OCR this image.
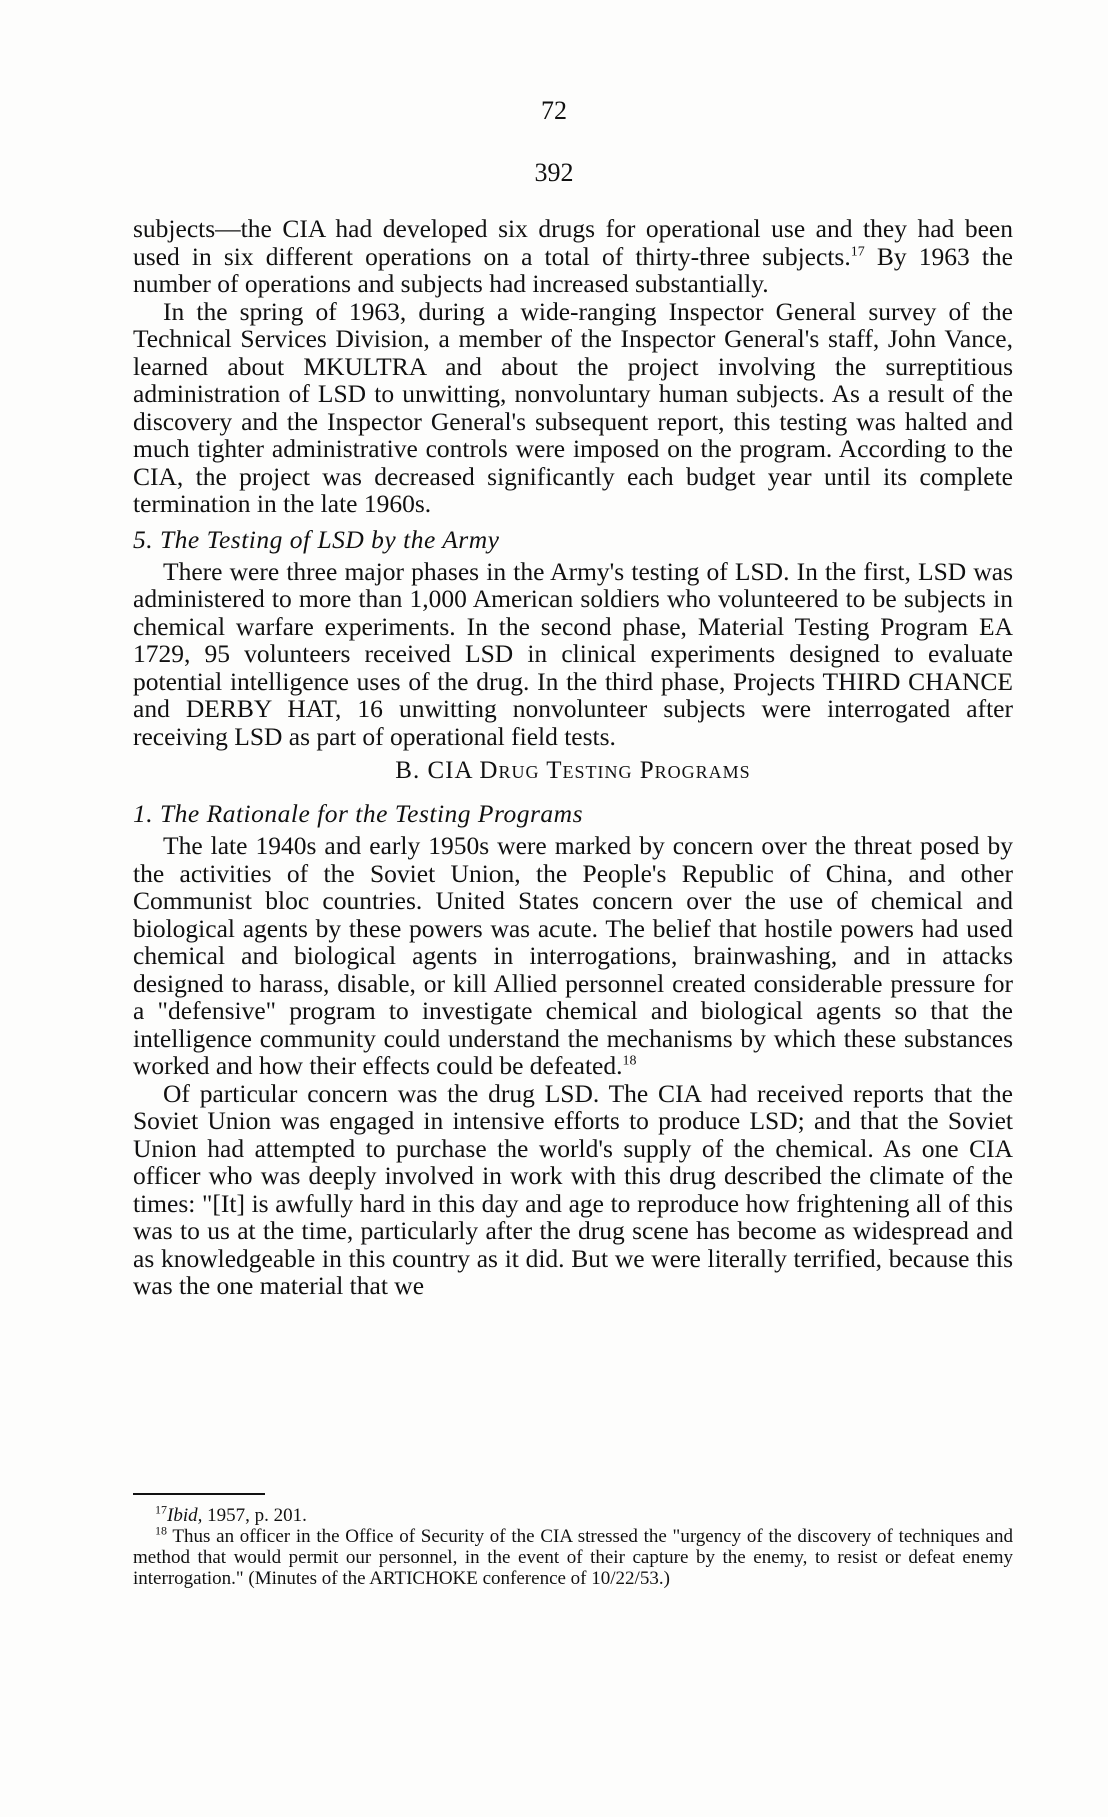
72
392

subjects—the CIA had developed six drugs for operational use and they had been used in six different operations on a total of thirty-three subjects.$^{17}$ By 1963 the number of operations and subjects had increased substantially.

In the spring of 1963, during a wide-ranging Inspector General survey of the Technical Services Division, a member of the Inspector General's staff, John Vance, learned about MKULTRA and about the project involving the surreptitious administration of LSD to unwitting, nonvoluntary human subjects. As a result of the discovery and the Inspector General's subsequent report, this testing was halted and much tighter administrative controls were imposed on the program. According to the CIA, the project was decreased significantly each budget year until its complete termination in the late 1960s.

5. The Testing of LSD by the Army

There were three major phases in the Army's testing of LSD. In the first, LSD was administered to more than 1,000 American soldiers who volunteered to be subjects in chemical warfare experiments. In the second phase, Material Testing Program EA 1729, 95 volunteers received LSD in clinical experiments designed to evaluate potential intelligence uses of the drug. In the third phase, Projects THIRD CHANCE and DERBY HAT, 16 unwitting nonvolunteer subjects were interrogated after receiving LSD as part of operational field tests.

B. CIA Drug Testing Programs
1. The Rationale for the Testing Programs

The late 1940s and early 1950s were marked by concern over the threat posed by the activities of the Soviet Union, the People's Republic of China, and other Communist bloc countries. United States concern over the use of chemical and biological agents by these powers was acute. The belief that hostile powers had used chemical and biological agents in interrogations, brainwashing, and in attacks designed to harass, disable, or kill Allied personnel created considerable pressure for a "defensive" program to investigate chemical and biological agents so that the intelligence community could understand the mechanisms by which these substances worked and how their effects could be defeated.$^{18}$

Of particular concern was the drug LSD. The CIA had received reports that the Soviet Union was engaged in intensive efforts to produce LSD; and that the Soviet Union had attempted to purchase the world's supply of the chemical. As one CIA officer who was deeply involved in work with this drug described the climate of the times: "[It] is awfully hard in this day and age to reproduce how frightening all of this was to us at the time, particularly after the drug scene has become as widespread and as knowledgeable in this country as it did. But we were literally terrified, because this was the one material that we

$^{17}$Ibid, 1957, p. 201.

$^{18}$ Thus an officer in the Office of Security of the CIA stressed the "urgency of the discovery of techniques and method that would permit our personnel, in the event of their capture by the enemy, to resist or defeat enemy interrogation." (Minutes of the ARTICHOKE conference of 10/22/53.)
